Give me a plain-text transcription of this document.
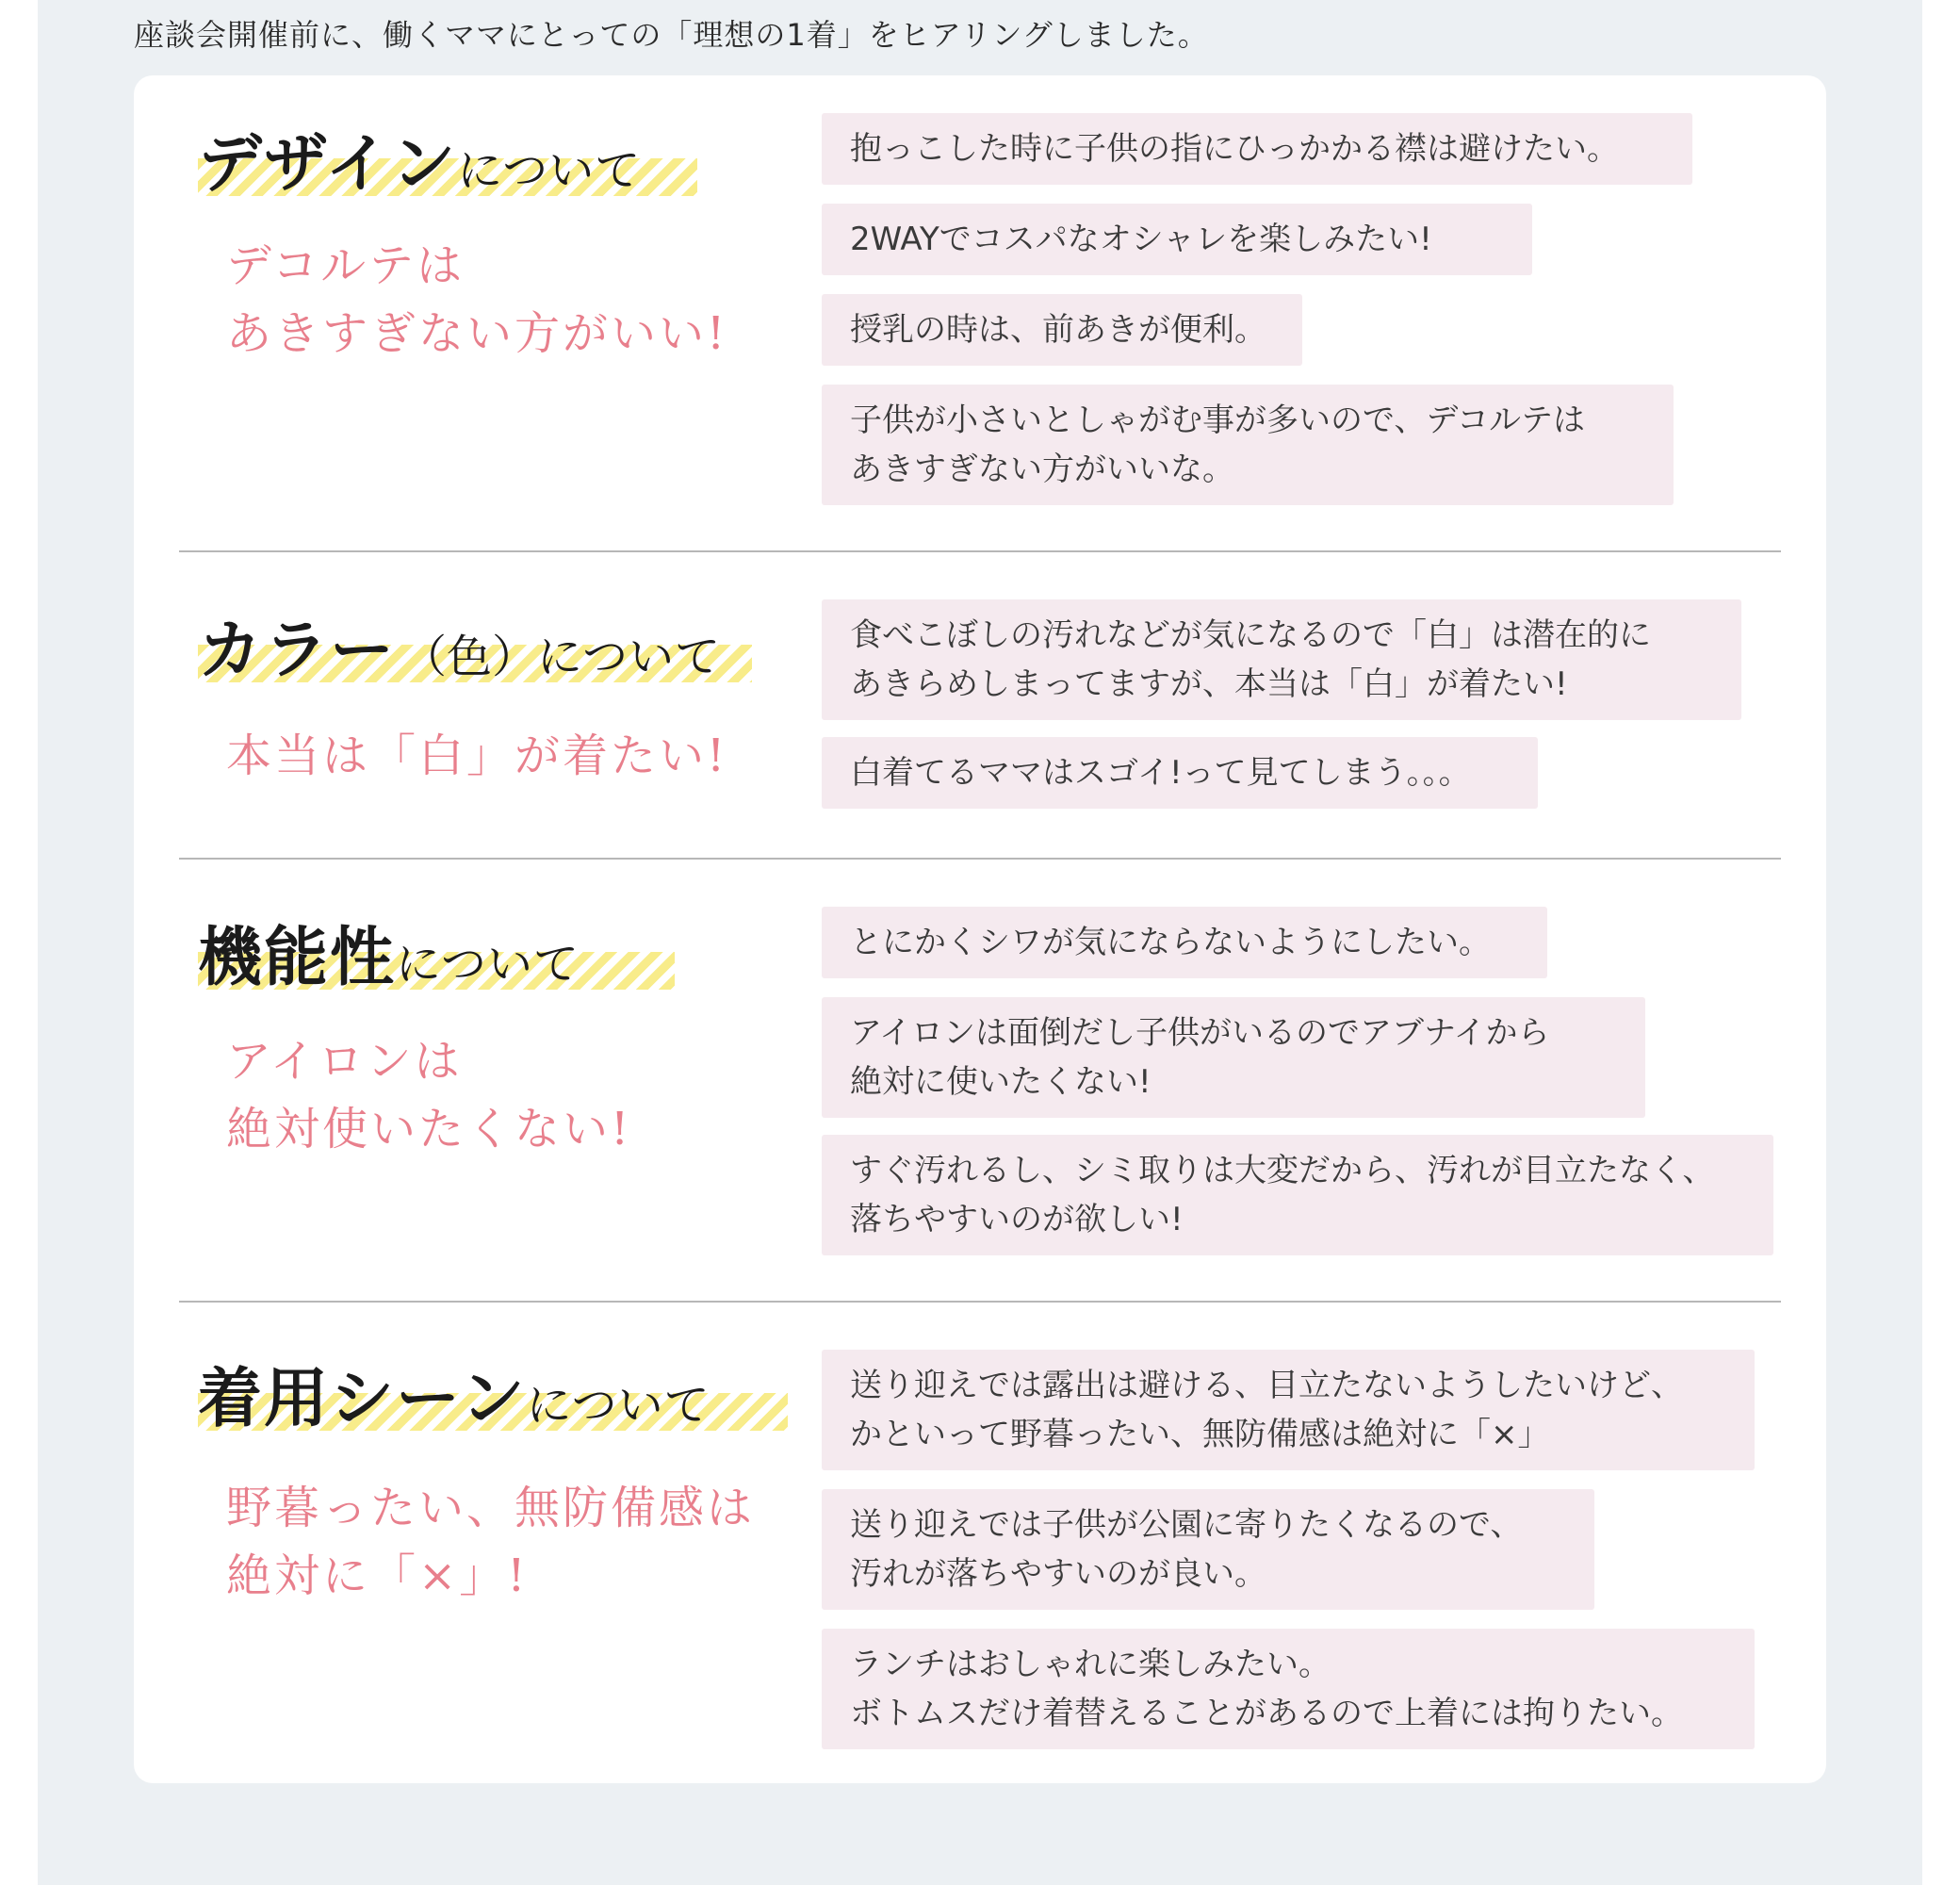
座談会開催前に、働くママにとっての「理想の1着」をヒアリングしました。
デザインについて
デコルテは
あきすぎない方がいい!
抱っこした時に子供の指にひっかかる襟は避けたい。
2WAYでコスパなオシャレを楽しみたい!
授乳の時は、前あきが便利。
子供が小さいとしゃがむ事が多いので、デコルテは
あきすぎない方がいいな。
カラー （色）について
本当は「白」が着たい!
食べこぼしの汚れなどが気になるので「白」は潜在的に
あきらめしまってますが、本当は「白」が着たい!
白着てるママはスゴイ!って見てしまう。。。
機能性について
アイロンは
絶対使いたくない!
とにかくシワが気にならないようにしたい。
アイロンは面倒だし子供がいるのでアブナイから
絶対に使いたくない!
すぐ汚れるし、シミ取りは大変だから、汚れが目立たなく、
落ちやすいのが欲しい!
着用シーンについて
野暮ったい、無防備感は
絶対に「×」!
送り迎えでは露出は避ける、目立たないようしたいけど、
かといって野暮ったい、無防備感は絶対に「×」
送り迎えでは子供が公園に寄りたくなるので、
汚れが落ちやすいのが良い。
ランチはおしゃれに楽しみたい。
ボトムスだけ着替えることがあるので上着には拘りたい。
